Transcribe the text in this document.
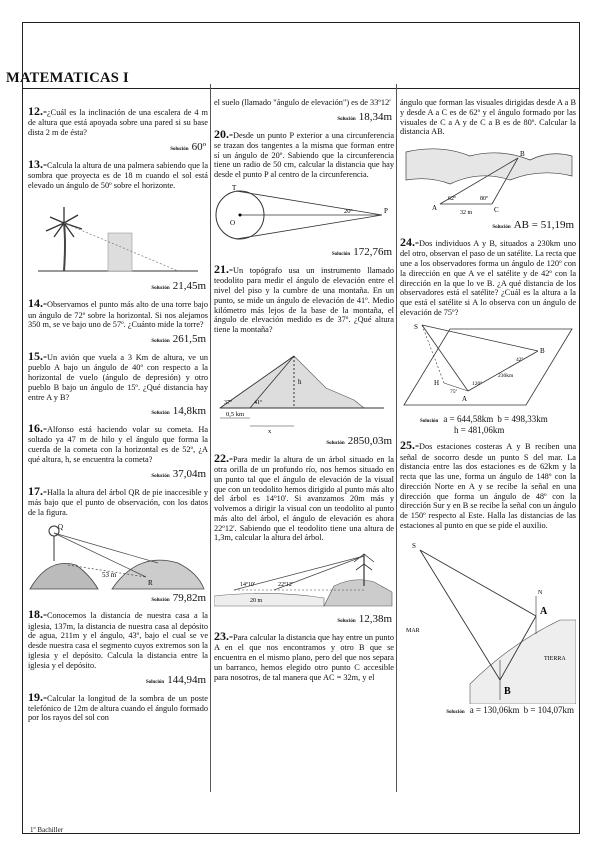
MATEMATICAS I

12.-¿Cuál es la inclinación de una escalera de 4 m de altura que está apoyada sobre una pared si su base dista 2 m de ésta?

Solución 60º

13.-Calcula la altura de una palmera sabiendo que la sombra que proyecta es de 18 m cuando el sol está elevado un ángulo de 50º sobre el horizonte.

Solución 21,45m

14.-Observamos el punto más alto de una torre bajo un ángulo de 72º sobre la horizontal. Si nos alejamos 350 m, se ve bajo uno de 57º. ¿Cuánto mide la torre?

Solución 261,5m

15.-Un avión que vuela a 3 Km de altura, ve un pueblo A bajo un ángulo de 40º con respecto a la horizontal de vuelo (ángulo de depresión) y otro pueblo B bajo un ángulo de 15º. ¿Qué distancia hay entre A y B?

Solución 14,8km

16.-Alfonso está haciendo volar su cometa. Ha soltado ya 47 m de hilo y el ángulo que forma la cuerda de la cometa con la horizontal es de 52º, ¿A qué altura, h, se encuentra la cometa?

Solución 37,04m

17.-Halla la altura del árbol QR de pie inaccesible y más bajo que el punto de observación, con los datos de la figura.

Q
R
53 m
Solución 79,82m

18.-Conocemos la distancia de nuestra casa a la iglesia, 137m, la distancia de nuestra casa al depósito de agua, 211m y el ángulo, 43º, bajo el cual se ve desde nuestra casa el segmento cuyos extremos son la iglesia y el depósito. Calcula la distancia entre la iglesia y el depósito.

Solución 144,94m

19.-Calcular la longitud de la sombra de un poste telefónico de 12m de altura cuando el ángulo formado por los rayos del sol con

el suelo (llamado "ángulo de elevación") es de 33º12'

Solución 18,34m

20.-Desde un punto P exterior a una circunferencia se trazan dos tangentes a la misma que forman entre sí un ángulo de 20º. Sabiendo que la circunferencia tiene un radio de 50 cm, calcular la distancia que hay desde el punto P al centro de la circunferencia.

O
P
20º
T
Solución 172,76m

21.-Un topógrafo usa un instrumento llamado teodolito para medir el ángulo de elevación entre el nivel del piso y la cumbre de una montaña. En un punto, se mide un ángulo de elevación de 41º. Medio kilómetro más lejos de la base de la montaña, el ángulo de elevación medido es de 37º. ¿Qué altura tiene la montaña?

0,5 km
x
h
37º	41º
Solución 2850,03m

22.-Para medir la altura de un árbol situado en la otra orilla de un profundo río, nos hemos situado en un punto tal que el ángulo de elevación de la visual que con un teodolito hemos dirigido al punto más alto del árbol es 14º10'. Si avanzamos 20m más y volvemos a dirigir la visual con un teodolito al punto más alto del árbol, el ángulo de elevación es ahora 22º12'. Sabiendo que el teodolito tiene una altura de 1,3m, calcular la altura del árbol.

14º10'	22º12'
20 m
Solución 12,38m

23.-Para calcular la distancia que hay entre un punto A en el que nos encontramos y otro B que se encuentra en el mismo plano, pero del que nos separa un barranco, hemos elegido otro punto C accesible para nosotros, de tal manera que AC = 32m, y el

ángulo que forman las visuales dirigidas desde A a B y desde A a C es de 62º y el ángulo formado por las visuales de C a A y de C a B es de 80º. Calcular la distancia AB.

A
B
C
62º	80º
32 m
Solución AB = 51,19m

24.-Dos individuos A y B, situados a 230km uno del otro, observan el paso de un satélite. La recta que une a los observadores forma un ángulo de 120º con la dirección en que A ve el satélite y de 42º con la dirección en la que lo ve B. ¿A qué distancia de los observadores está el satélite? ¿Cuál es la altura a la que está el satélite si A lo observa con un ángulo de elevación de 75º?

S
B
A
H	120º
42º
75º
230km
Solución a = 644,58km b = 498,33km
h = 481,06km

25.-Dos estaciones costeras A y B reciben una señal de socorro desde un punto S del mar. La distancia entre las dos estaciones es de 62km y la recta que las une, forma un ángulo de 148º con la dirección Norte en A y se recibe la señal en una dirección que forma un ángulo de 48º con la dirección Sur y en B se recibe la señal con un ángulo de 150º respecto al Este. Halla las distancias de las estaciones al punto en que se pide el auxilio.

S
A
B
N
MAR
TIERRA
Solución a = 130,06km b = 104,07km
1º Bachiller
